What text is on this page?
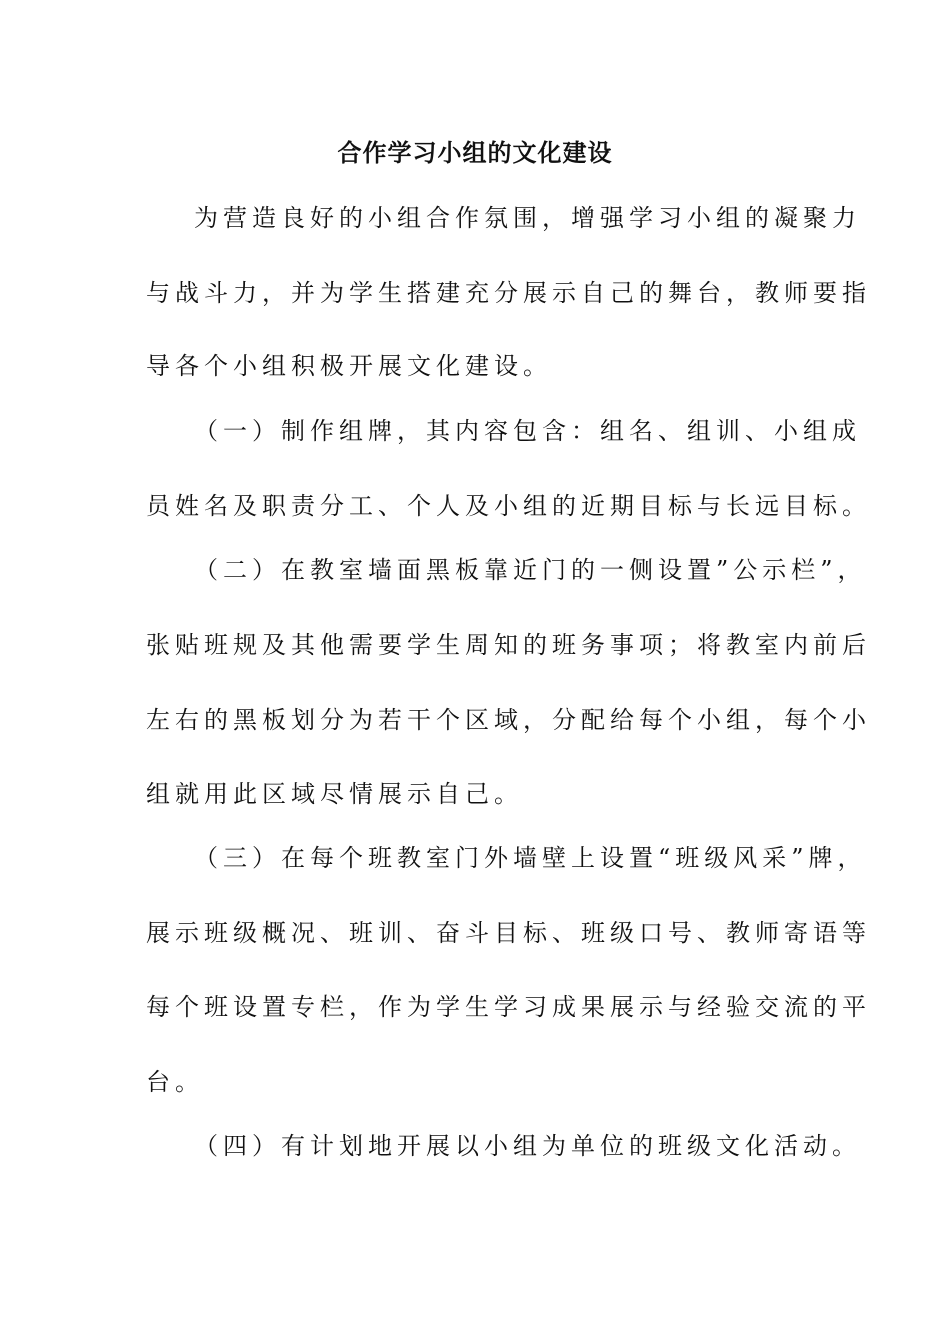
合作学习小组的文化建设
为营造良好的小组合作氛围，增强学习小组的凝聚力
与战斗力，并为学生搭建充分展示自己的舞台，教师要指
导各个小组积极开展文化建设。
（一）制作组牌，其内容包含：组名、组训、小组成
员姓名及职责分工、个人及小组的近期目标与长远目标。
（二）在教室墙面黑板靠近门的一侧设置”公示栏”，
张贴班规及其他需要学生周知的班务事项；将教室内前后
左右的黑板划分为若干个区域，分配给每个小组，每个小
组就用此区域尽情展示自己。
（三）在每个班教室门外墙壁上设置“班级风采”牌，
展示班级概况、班训、奋斗目标、班级口号、教师寄语等
每个班设置专栏，作为学生学习成果展示与经验交流的平
台。
（四）有计划地开展以小组为单位的班级文化活动。
